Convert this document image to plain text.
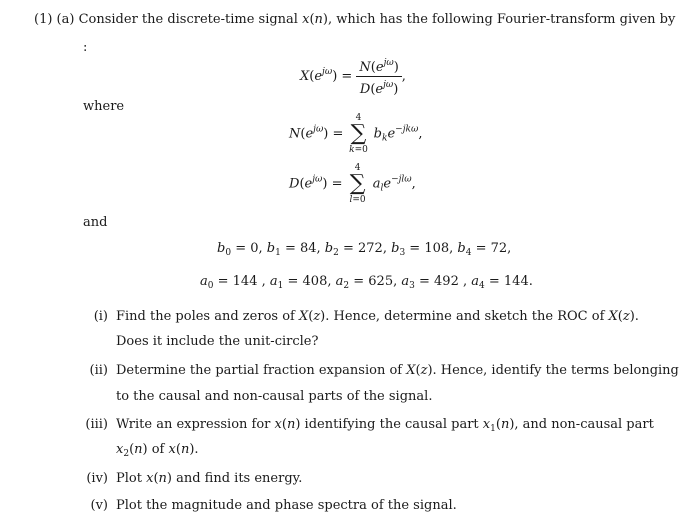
(1) (a) Consider the discrete-time signal x(n), which has the following Fourier-transform given by
:
$X(e^{j\omega}) = \frac{N(e^{j\omega})}{D(e^{j\omega})}$ ,
where
$N(e^{j\omega})$ =
4
∑
k=0
$b_ke^{-jk\omega}$,
$D(e^{j\omega})$ =
4
∑
l=0
$a_le^{-jl\omega}$,
and
$b_0 = 0$, $b_1 = 84$, $b_2 = 272$, $b_3 = 108$, $b_4 = 72$,
$a_0 = 144$ , $a_1 = 408$, $a_2 = 625$, $a_3 = 492$ , $a_4 = 144$.
(i) Find the poles and zeros of X(z). Hence, determine and sketch the ROC of X(z).
Does it include the unit-circle?
(ii) Determine the partial fraction expansion of X(z). Hence, identify the terms belonging
to the causal and non-causal parts of the signal.
(iii) Write an expression for x(n) identifying the causal part $x_1(n)$, and non-causal part
$x_2(n)$ of x(n).
(iv) Plot x(n) and find its energy.
(v) Plot the magnitude and phase spectra of the signal.
